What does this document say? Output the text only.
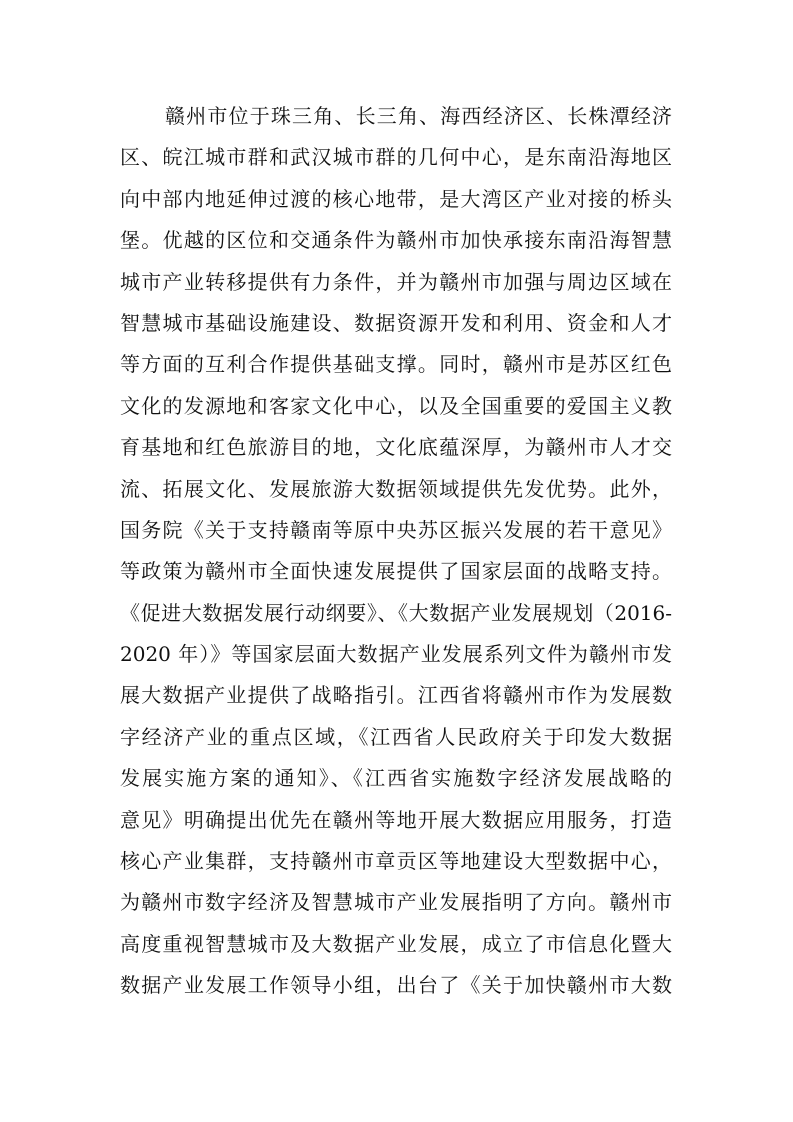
赣州市位于珠三角、长三角、海西经济区、长株潭经济
区、皖江城市群和武汉城市群的几何中心，是东南沿海地区
向中部内地延伸过渡的核心地带，是大湾区产业对接的桥头
堡。优越的区位和交通条件为赣州市加快承接东南沿海智慧
城市产业转移提供有力条件，并为赣州市加强与周边区域在
智慧城市基础设施建设、数据资源开发和利用、资金和人才
等方面的互利合作提供基础支撑。同时，赣州市是苏区红色
文化的发源地和客家文化中心，以及全国重要的爱国主义教
育基地和红色旅游目的地，文化底蕴深厚，为赣州市人才交
流、拓展文化、发展旅游大数据领域提供先发优势。此外，
国务院《关于支持赣南等原中央苏区振兴发展的若干意见》
等政策为赣州市全面快速发展提供了国家层面的战略支持。
《促进大数据发展行动纲要》、《大数据产业发展规划（2016-
2020 年）》等国家层面大数据产业发展系列文件为赣州市发
展大数据产业提供了战略指引。江西省将赣州市作为发展数
字经济产业的重点区域，《江西省人民政府关于印发大数据
发展实施方案的通知》、《江西省实施数字经济发展战略的
意见》明确提出优先在赣州等地开展大数据应用服务，打造
核心产业集群，支持赣州市章贡区等地建设大型数据中心，
为赣州市数字经济及智慧城市产业发展指明了方向。赣州市
高度重视智慧城市及大数据产业发展，成立了市信息化暨大
数据产业发展工作领导小组，出台了《关于加快赣州市大数
